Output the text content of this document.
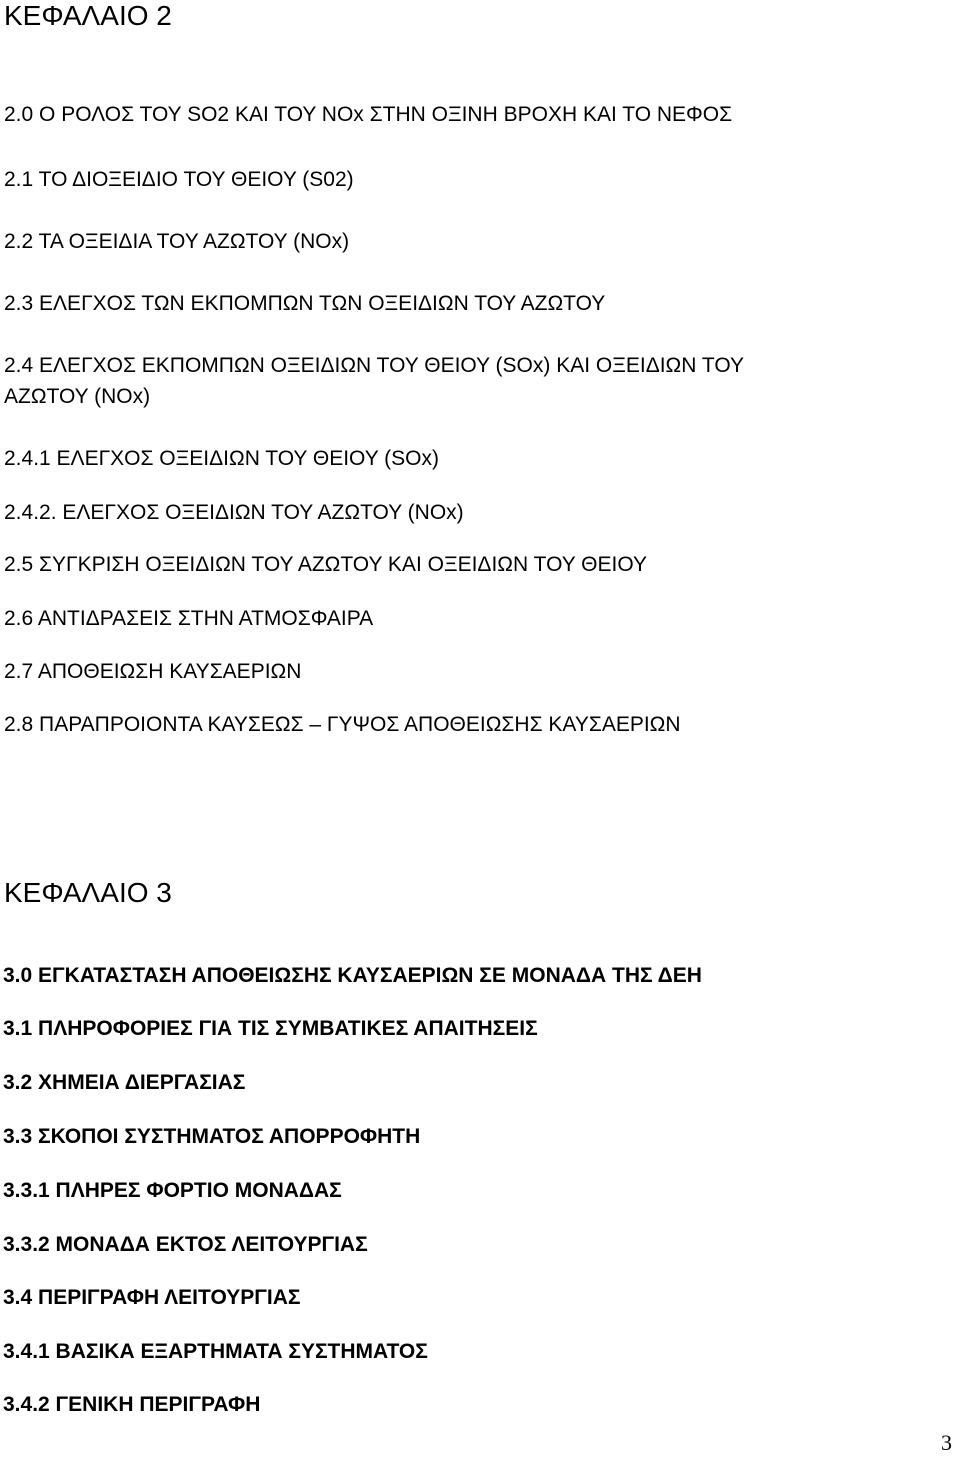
ΚΕΦΑΛΑΙΟ 2
2.0 Ο ΡΟΛΟΣ ΤΟΥ SO2 ΚΑΙ ΤΟΥ NOx ΣΤΗΝ ΟΞΙΝΗ ΒΡΟΧΗ ΚΑΙ ΤΟ ΝΕΦΟΣ
2.1 ΤΟ ΔΙΟΞΕΙΔΙΟ ΤΟΥ ΘΕΙΟΥ (S02)
2.2 ΤΑ ΟΞΕΙΔΙΑ ΤΟΥ ΑΖΩΤΟΥ (NOx)
2.3 ΕΛΕΓΧΟΣ ΤΩΝ ΕΚΠΟΜΠΩΝ ΤΩΝ ΟΞΕΙΔΙΩΝ ΤΟΥ ΑΖΩΤΟΥ
2.4 ΕΛΕΓΧΟΣ ΕΚΠΟΜΠΩΝ ΟΞΕΙΔΙΩΝ ΤΟΥ ΘΕΙΟΥ (SOx) ΚΑΙ ΟΞΕΙΔΙΩΝ ΤΟΥ
ΑΖΩΤΟΥ (NOx)
2.4.1 ΕΛΕΓΧΟΣ ΟΞΕΙΔΙΩΝ ΤΟΥ ΘΕΙΟΥ (SOx)
2.4.2. ΕΛΕΓΧΟΣ ΟΞΕΙΔΙΩΝ ΤΟΥ ΑΖΩΤΟΥ (NOx)
2.5 ΣΥΓΚΡΙΣΗ ΟΞΕΙΔΙΩΝ ΤΟΥ ΑΖΩΤΟΥ ΚΑΙ ΟΞΕΙΔΙΩΝ ΤΟΥ ΘΕΙΟΥ
2.6 ΑΝΤΙΔΡΑΣΕΙΣ ΣΤΗΝ ΑΤΜΟΣΦΑΙΡΑ
2.7 ΑΠΟΘΕΙΩΣΗ ΚΑΥΣΑΕΡΙΩΝ
2.8 ΠΑΡΑΠΡΟΙΟΝΤΑ ΚΑΥΣΕΩΣ – ΓΥΨΟΣ ΑΠΟΘΕΙΩΣΗΣ ΚΑΥΣΑΕΡΙΩΝ
ΚΕΦΑΛΑΙΟ 3
3.0 ΕΓΚΑΤΑΣΤΑΣΗ ΑΠΟΘΕΙΩΣΗΣ ΚΑΥΣΑΕΡΙΩΝ ΣΕ ΜΟΝΑΔΑ ΤΗΣ ΔΕΗ
3.1 ΠΛΗΡΟΦΟΡΙΕΣ ΓΙΑ ΤΙΣ ΣΥΜΒΑΤΙΚΕΣ ΑΠΑΙΤΗΣΕΙΣ
3.2 ΧΗΜΕΙΑ ΔΙΕΡΓΑΣΙΑΣ
3.3 ΣΚΟΠΟΙ ΣΥΣΤΗΜΑΤΟΣ ΑΠΟΡΡΟΦΗΤΗ
3.3.1 ΠΛΗΡΕΣ ΦΟΡΤΙΟ ΜΟΝΑΔΑΣ
3.3.2 ΜΟΝΑΔΑ ΕΚΤΟΣ ΛΕΙΤΟΥΡΓΙΑΣ
3.4 ΠΕΡΙΓΡΑΦΗ ΛΕΙΤΟΥΡΓΙΑΣ
3.4.1 ΒΑΣΙΚΑ ΕΞΑΡΤΗΜΑΤΑ ΣΥΣΤΗΜΑΤΟΣ
3.4.2 ΓΕΝΙΚΗ ΠΕΡΙΓΡΑΦΗ
3
